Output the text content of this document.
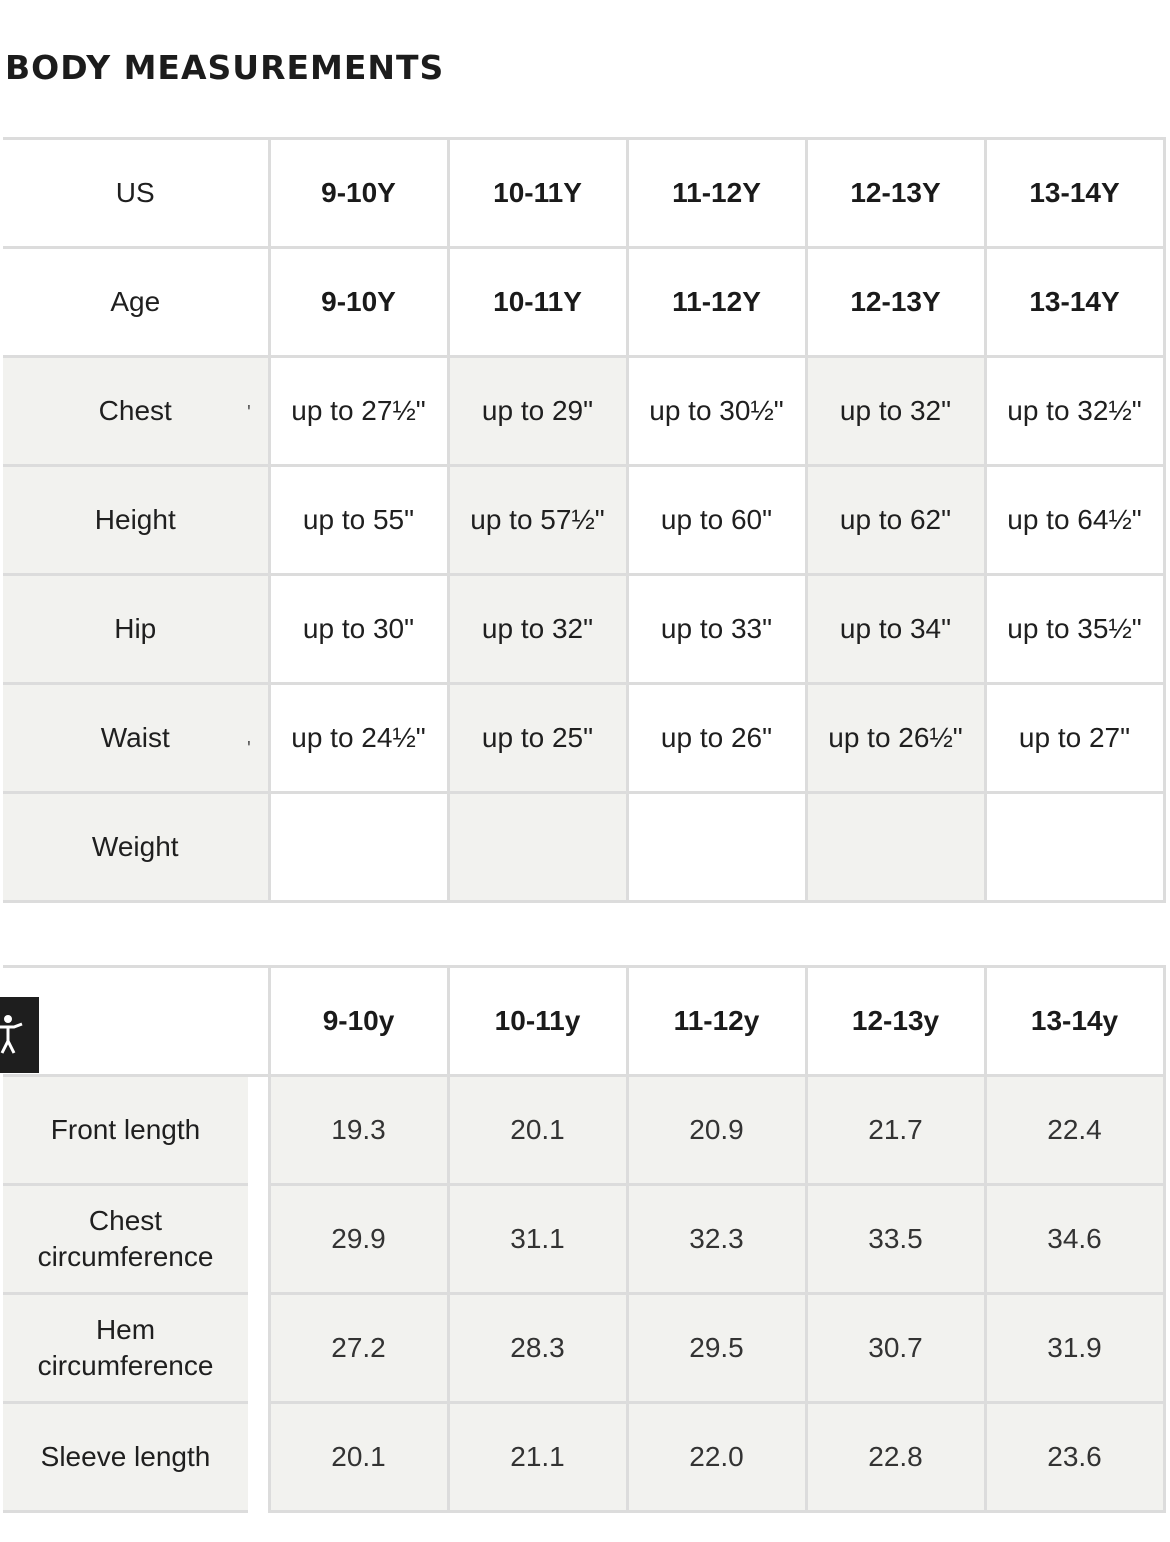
BODY MEASUREMENTS
US	9-10Y	10-11Y	11-12Y	12-13Y	13-14Y
Age	9-10Y	10-11Y	11-12Y	12-13Y	13-14Y
Chest	up to 27½"	up to 29"	up to 30½"	up to 32"	up to 32½"
Height	up to 55"	up to 57½"	up to 60"	up to 62"	up to 64½"
Hip	up to 30"	up to 32"	up to 33"	up to 34"	up to 35½"
Waist	up to 24½"	up to 25"	up to 26"	up to 26½"	up to 27"
Weight					
'
'
		9-10y	10-11y	11-12y	12-13y	13-14y
Front length		19.3	20.1	20.9	21.7	22.4

Chest
circumference		29.9	31.1	32.3	33.5	34.6

Hem
circumference		27.2	28.3	29.5	30.7	31.9
Sleeve length		20.1	21.1	22.0	22.8	23.6
